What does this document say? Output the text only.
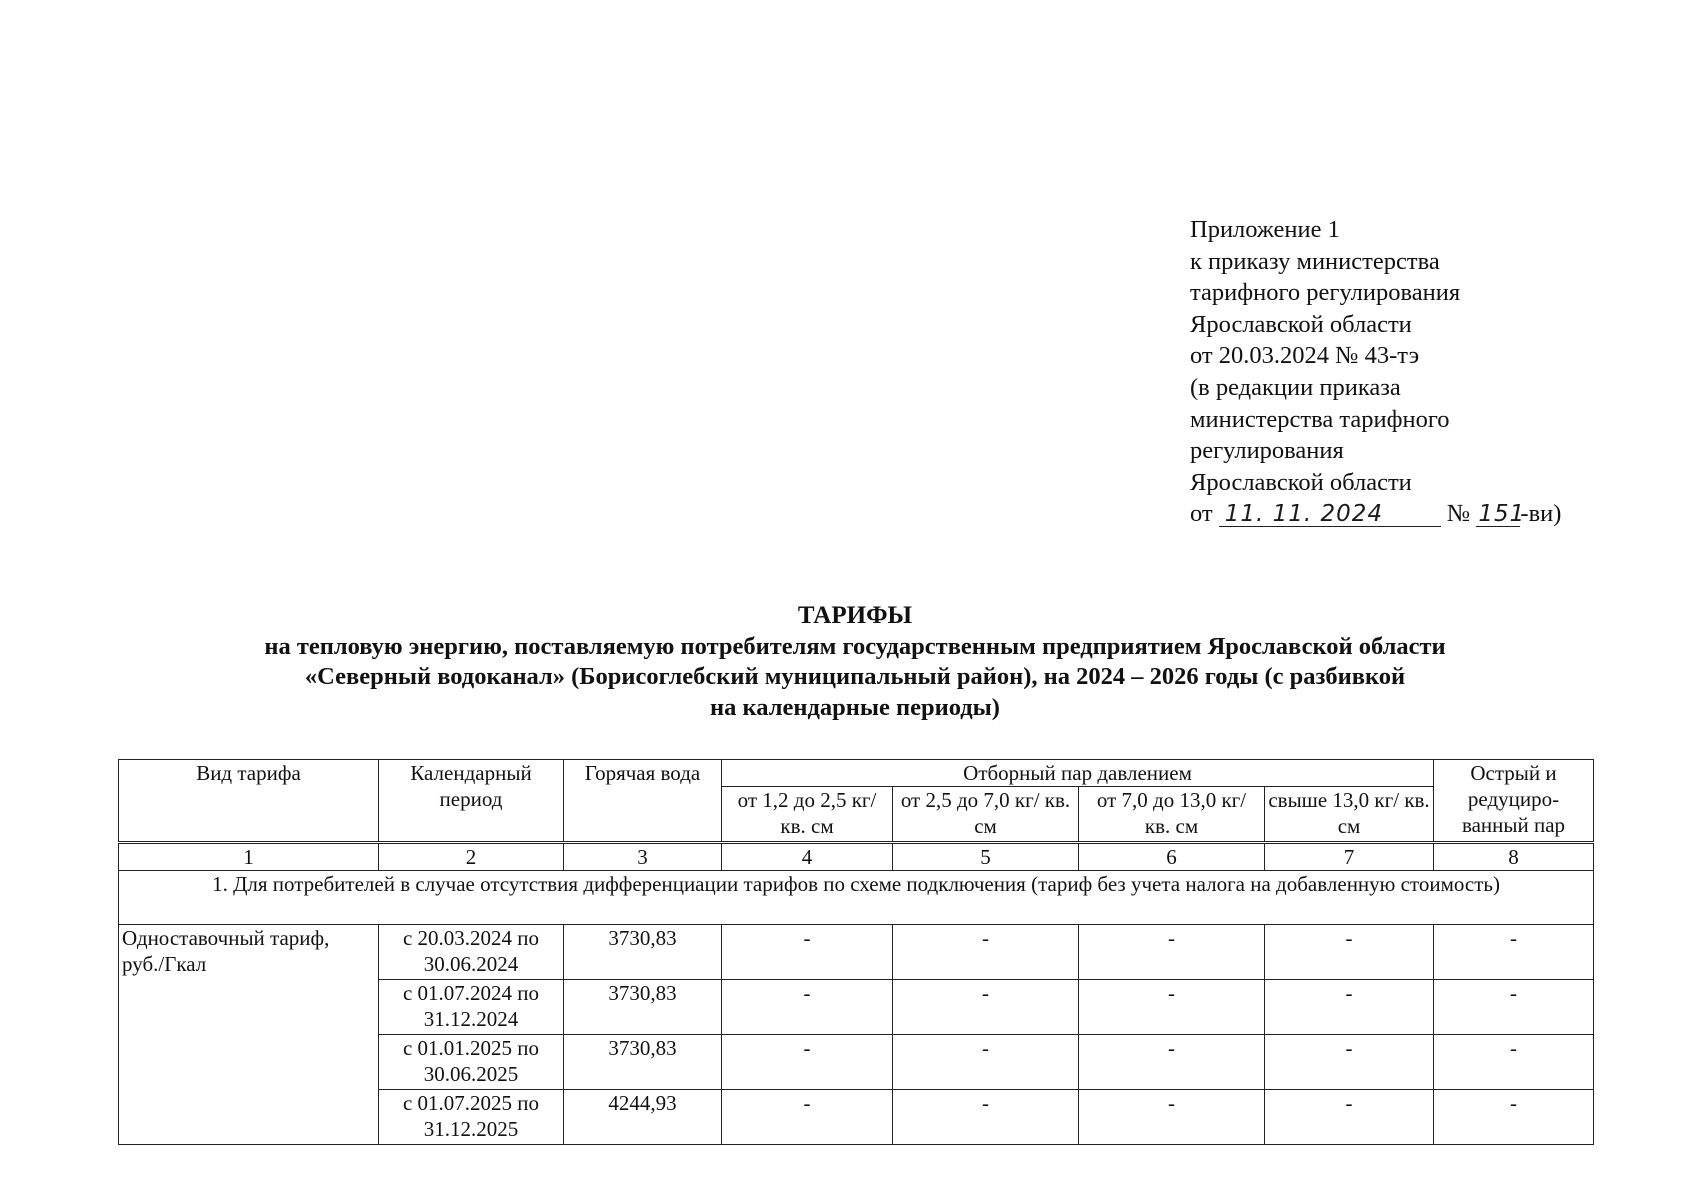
Приложение 1
к приказу министерства
тарифного регулирования
Ярославской области
от 20.03.2024 № 43-тэ
(в редакции приказа
министерства тарифного
регулирования
Ярославской области
от 11. 11. 2024	№ 151-ви)
ТАРИФЫ
на тепловую энергию, поставляемую потребителям государственным предприятием Ярославской области
«Северный водоканал» (Борисоглебский муниципальный район), на 2024 – 2026 годы (с разбивкой
на календарные периоды)
Вид тарифа	Календарный период	Горячая вода	Отборный пар давлением				Острый и редуциро-ванный пар
			от 1,2 до 2,5 кг/ кв. см	от 2,5 до 7,0 кг/ кв. см	от 7,0 до 13,0 кг/ кв. см	свыше 13,0 кг/ кв. см	
1	2	3	4	5	6	7	8
1. Для потребителей в случае отсутствия дифференциации тарифов по схеме подключения (тариф без учета налога на добавленную стоимость)							
Одноставочный тариф, руб./Гкал	с 20.03.2024 по 30.06.2024	3730,83	-	-	-	-	-
	с 01.07.2024 по 31.12.2024	3730,83	-	-	-	-	-
	с 01.01.2025 по 30.06.2025	3730,83	-	-	-	-	-
	с 01.07.2025 по 31.12.2025	4244,93	-	-	-	-	-
